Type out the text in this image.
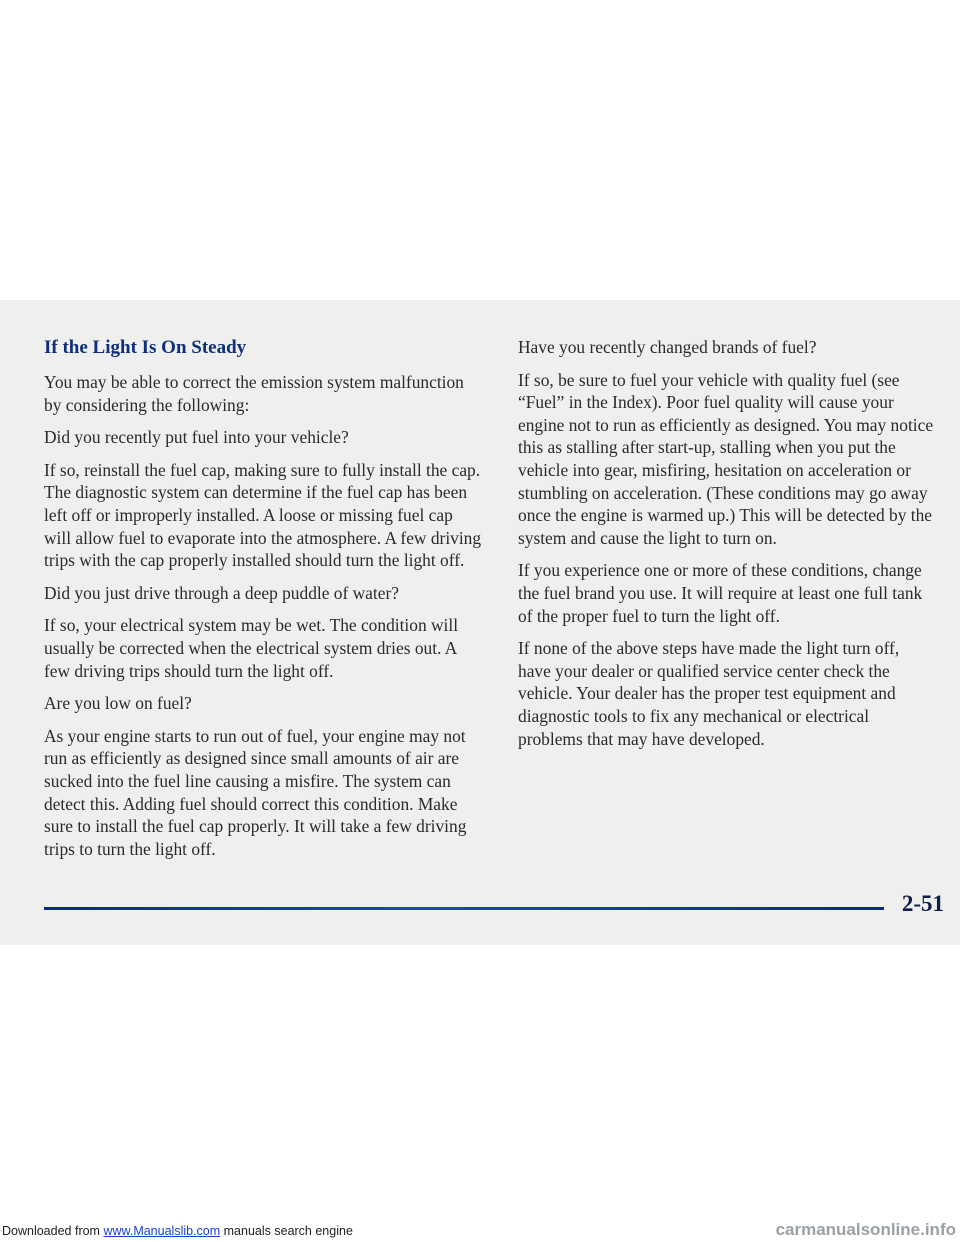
If the Light Is On Steady

You may be able to correct the emission system malfunction by considering the following:

Did you recently put fuel into your vehicle?

If so, reinstall the fuel cap, making sure to fully install the cap. The diagnostic system can determine if the fuel cap has been left off or improperly installed. A loose or missing fuel cap will allow fuel to evaporate into the atmosphere. A few driving trips with the cap properly installed should turn the light off.

Did you just drive through a deep puddle of water?

If so, your electrical system may be wet. The condition will usually be corrected when the electrical system dries out. A few driving trips should turn the light off.

Are you low on fuel?

As your engine starts to run out of fuel, your engine may not run as efficiently as designed since small amounts of air are sucked into the fuel line causing a misfire. The system can detect this. Adding fuel should correct this condition. Make sure to install the fuel cap properly. It will take a few driving trips to turn the light off.

Have you recently changed brands of fuel?

If so, be sure to fuel your vehicle with quality fuel (see “Fuel” in the Index). Poor fuel quality will cause your engine not to run as efficiently as designed. You may notice this as stalling after start-up, stalling when you put the vehicle into gear, misfiring, hesitation on acceleration or stumbling on acceleration. (These conditions may go away once the engine is warmed up.) This will be detected by the system and cause the light to turn on.

If you experience one or more of these conditions, change the fuel brand you use. It will require at least one full tank of the proper fuel to turn the light off.

If none of the above steps have made the light turn off, have your dealer or qualified service center check the vehicle. Your dealer has the proper test equipment and diagnostic tools to fix any mechanical or electrical problems that may have developed.

2-51
Downloaded from www.Manualslib.com manuals search engine	carmanualsonline.info
